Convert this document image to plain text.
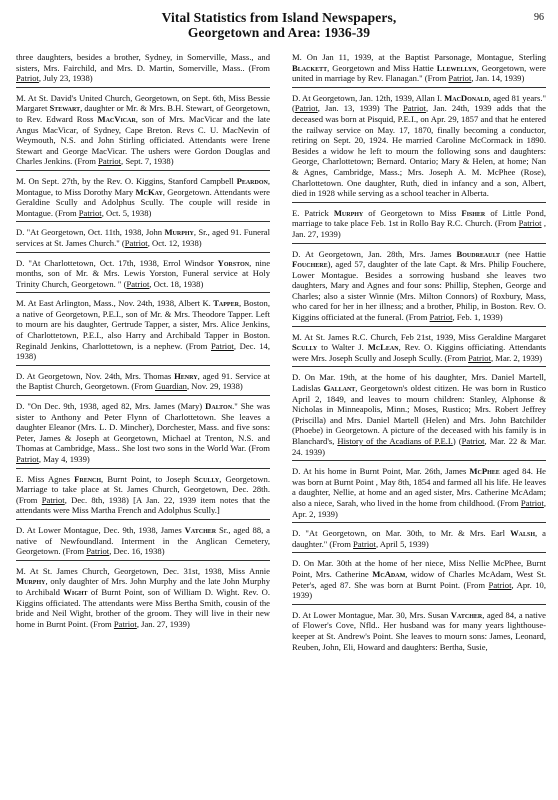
Vital Statistics from Island Newspapers,
Georgetown and Area: 1936-39
96

three daughters, besides a brother, Sydney, in Somerville, Mass., and sisters, Mrs. Fairchild, and Mrs. D. Martin, Somerville, Mass.. (From Patriot, July 23, 1938)

M. At St. David's United Church, Georgetown, on Sept. 6th, Miss Bessie Margaret Stewart, daughter or Mr. & Mrs. B.H. Stewart, of Georgetown, to Rev. Edward Ross MacVicar, son of Mrs. MacVicar and the late Angus MacVicar, of Sydney, Cape Breton. Revs C. U. MacNevin of Weymouth, N.S. and John Stirling officiated. Attendants were Irene Stewart and George MacVicar. The ushers were Gordon Douglas and Charles Jenkins. (From Patriot, Sept. 7, 1938)

M. On Sept. 27th, by the Rev. O. Kiggins, Stanford Campbell Peardon, Montague, to Miss Dorothy Mary McKay, Georgetown. Attendants were Geraldine Scully and Adolphus Scully. The couple will reside in Montague. (From Patriot, Oct. 5, 1938)

D. "At Georgetown, Oct. 11th, 1938, John Murphy, Sr., aged 91. Funeral services at St. James Church." (Patriot, Oct. 12, 1938)

D. "At Charlottetown, Oct. 17th, 1938, Errol Windsor Yorston, nine months, son of Mr. & Mrs. Lewis Yorston, Funeral service at Holy Trinity Church, Georgetown. " (Patriot, Oct. 18, 1938)

M. At East Arlington, Mass., Nov. 24th, 1938, Albert K. Tapper, Boston, a native of Georgetown, P.E.I., son of Mr. & Mrs. Theodore Tapper. Left to mourn are his daughter, Gertrude Tapper, a sister, Mrs. Alice Jenkins, of Charlottetown, P.E.I., also Harry and Archibald Tapper in Boston. Reginald Jenkins, Charlottetown, is a nephew. (From Patriot, Dec. 14, 1938)

D. At Georgetown, Nov. 24th, Mrs. Thomas Henry, aged 91. Service at the Baptist Church, Georgetown. (From Guardian, Nov. 29, 1938)

D. "On Dec. 9th, 1938, aged 82, Mrs. James (Mary) Dalton." She was sister to Anthony and Peter Flynn of Charlottetown. She leaves a daughter Eleanor (Mrs. L. D. Mincher), Dorchester, Mass. and five sons: Peter, James & Joseph at Georgetown, Michael at Trenton, N.S. and Thomas at Cambridge, Mass.. She lost two sons in the World War. (From Patriot, May 4, 1939)

E. Miss Agnes French, Burnt Point, to Joseph Scully, Georgetown. Marriage to take place at St. James Church, Georgetown, Dec. 28th. (From Patriot, Dec. 8th, 1938) [A Jan. 22, 1939 item notes that the attendants were Miss Martha French and Adolphus Scully.]

D. At Lower Montague, Dec. 9th, 1938, James Vatcher Sr., aged 88, a native of Newfoundland. Interment in the Anglican Cemetery, Georgetown. (From Patriot, Dec. 16, 1938)

M. At St. James Church, Georgetown, Dec. 31st, 1938, Miss Annie Murphy, only daughter of Mrs. John Murphy and the late John Murphy to Archibald Wight of Burnt Point, son of William D. Wight. Rev. O. Kiggins officiated. The attendants were Miss Bertha Smith, cousin of the bride and Neil Wight, brother of the groom. They will live in their new home in Burnt Point. (From Patriot, Jan. 27, 1939)

M. On Jan 11, 1939, at the Baptist Parsonage, Montague, Sterling Blackett, Georgetown and Miss Hattie Llewellyn, Georgetown, were united in marriage by Rev. Flanagan." (From Patriot, Jan. 14, 1939)

D. At Georgetown, Jan. 12th, 1939, Allan I. MacDonald, aged 81 years." (Patriot, Jan. 13, 1939) The Patriot, Jan. 24th, 1939 adds that the deceased was born at Pisquid, P.E.I., on Apr. 29, 1857 and that he entered the railway service on May. 17, 1870, finally becoming a conductor, retiring on Sept. 20, 1924. He married Caroline McCormack in 1890. Besides a widow he left to mourn the following sons and daughters: George, Charlottetown; Bernard. Ontario; Mary & Helen, at home; Nan & Agnes, Cambridge, Mass.; Mrs. Joseph A. M. McPhee (Rose), Charlottetown. One daughter, Ruth, died in infancy and a son, Albert, died in 1928 while serving as a school teacher in Alberta.

E. Patrick Murphy of Georgetown to Miss Fisher of Little Pond, marriage to take place Feb. 1st in Rollo Bay R.C. Church. (From Patriot , Jan. 27, 1939)

D. At Georgetown, Jan. 28th, Mrs. James Boudreault (nee Hattie Fouchere), aged 57, daughter of the late Capt. & Mrs. Philip Fouchere, Lower Montague. Besides a sorrowing husband she leaves two daughters, Mary and Agnes and four sons: Phillip, Stephen, George and Charles; also a sister Winnie (Mrs. Milton Connors) of Roxbury, Mass, who cared for her in her illness; and a brother, Philip, in Boston. Rev. O. Kiggins officiated at the funeral. (From Patriot, Feb. 1, 1939)

M. At St. James R.C. Church, Feb 21st, 1939, Miss Geraldine Margaret Scully to Walter J. McLean, Rev. O. Kiggins officiating. Attendants were Mrs. Joseph Scully and Joseph Scully. (From Patriot, Mar. 2, 1939)

D. On Mar. 19th, at the home of his daughter, Mrs. Daniel Martell, Ladislas Gallant, Georgetown's oldest citizen. He was born in Rustico April 2, 1849, and leaves to mourn children: Stanley, Alphonse & Nicholas in Minneapolis, Minn.; Moses, Rustico; Mrs. Robert Jeffrey (Priscilla) and Mrs. Daniel Martell (Helen) and Mrs. John Batchilder (Phoebe) in Georgetown. A picture of the deceased with his family is in Blanchard's, History of the Acadians of P.E.I.) (Patriot, Mar. 22 & Mar. 24. 1939)

D. At his home in Burnt Point, Mar. 26th, James McPhee aged 84. He was born at Burnt Point , May 8th, 1854 and farmed all his life. He leaves a daughter, Nellie, at home and an aged sister, Mrs. Catherine McAdam; also a niece, Sarah, who lived in the home from childhood. (From Patriot, Apr. 2, 1939)

D. "At Georgetown, on Mar. 30th, to Mr. & Mrs. Earl Walsh, a daughter." (From Patriot, April 5, 1939)

D. On Mar. 30th at the home of her niece, Miss Nellie McPhee, Burnt Point, Mrs. Catherine McAdam, widow of Charles McAdam, West St. Peter's, aged 87. She was born at Burnt Point. (From Patriot, Apr. 10, 1939)

D. At Lower Montague, Mar. 30, Mrs. Susan Vatcher, aged 84, a native of Flower's Cove, Nfld.. Her husband was for many years lighthouse-keeper at St. Andrew's Point. She leaves to mourn sons: James, Leonard, Reuben, John, Eli, Howard and daughters: Bertha, Susie,
